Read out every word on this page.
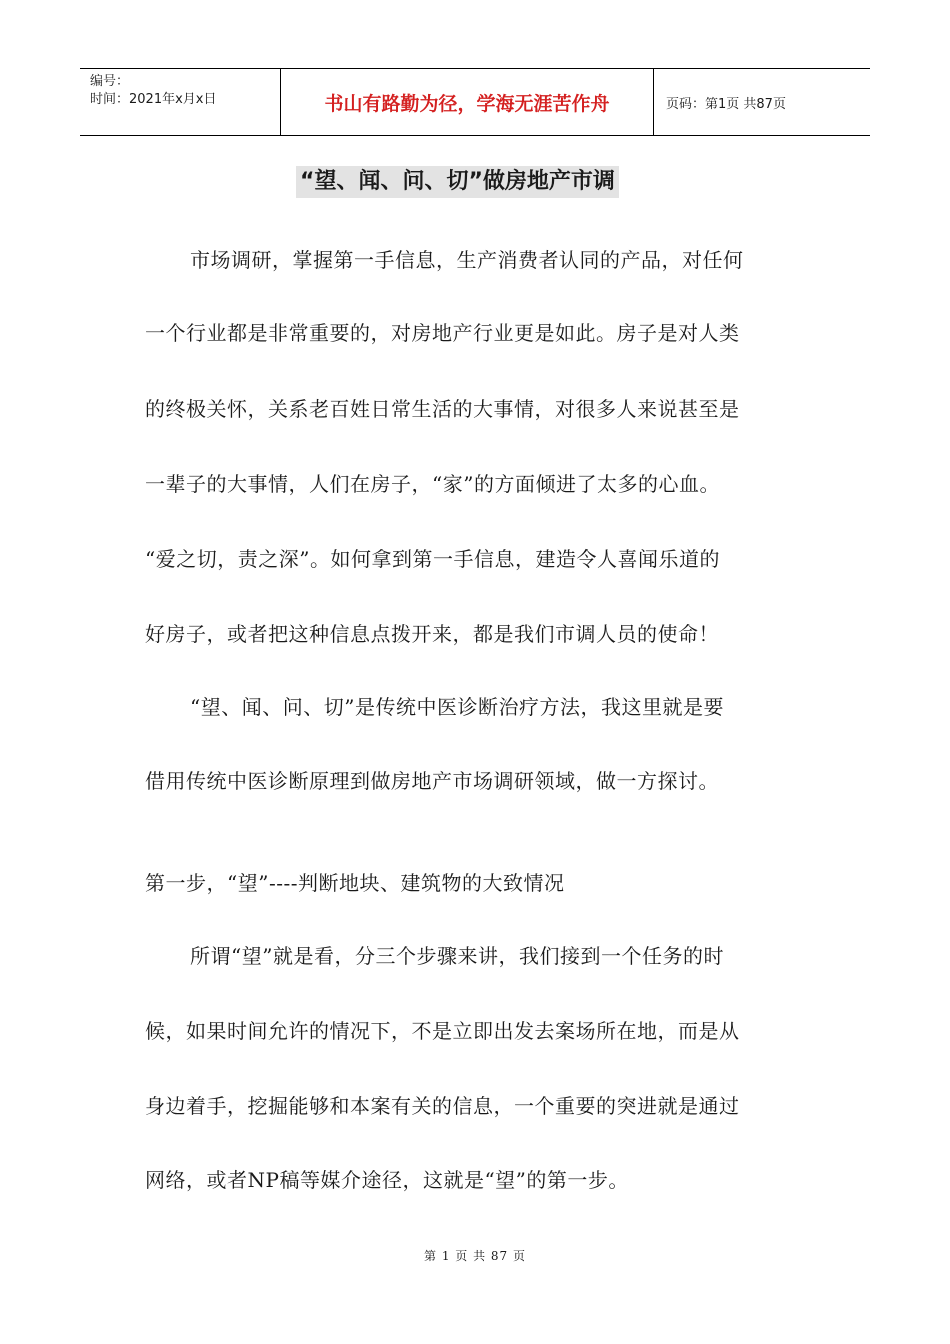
编号：
时间：2021年x月x日	书山有路勤为径，学海无涯苦作舟	页码：第1页 共87页
“望、闻、问、切”做房地产市调
市场调研，掌握第一手信息，生产消费者认同的产品，对任何
一个行业都是非常重要的，对房地产行业更是如此。房子是对人类
的终极关怀，关系老百姓日常生活的大事情，对很多人来说甚至是
一辈子的大事情，人们在房子，“家”的方面倾进了太多的心血。
“爱之切，责之深”。如何拿到第一手信息，建造令人喜闻乐道的
好房子，或者把这种信息点拨开来，都是我们市调人员的使命！
“望、闻、问、切”是传统中医诊断治疗方法，我这里就是要
借用传统中医诊断原理到做房地产市场调研领域，做一方探讨。
第一步，“望”----判断地块、建筑物的大致情况
所谓“望”就是看，分三个步骤来讲，我们接到一个任务的时
候，如果时间允许的情况下，不是立即出发去案场所在地，而是从
身边着手，挖掘能够和本案有关的信息，一个重要的突进就是通过
网络，或者NP稿等媒介途径，这就是“望”的第一步。
第 1 页 共 87 页
